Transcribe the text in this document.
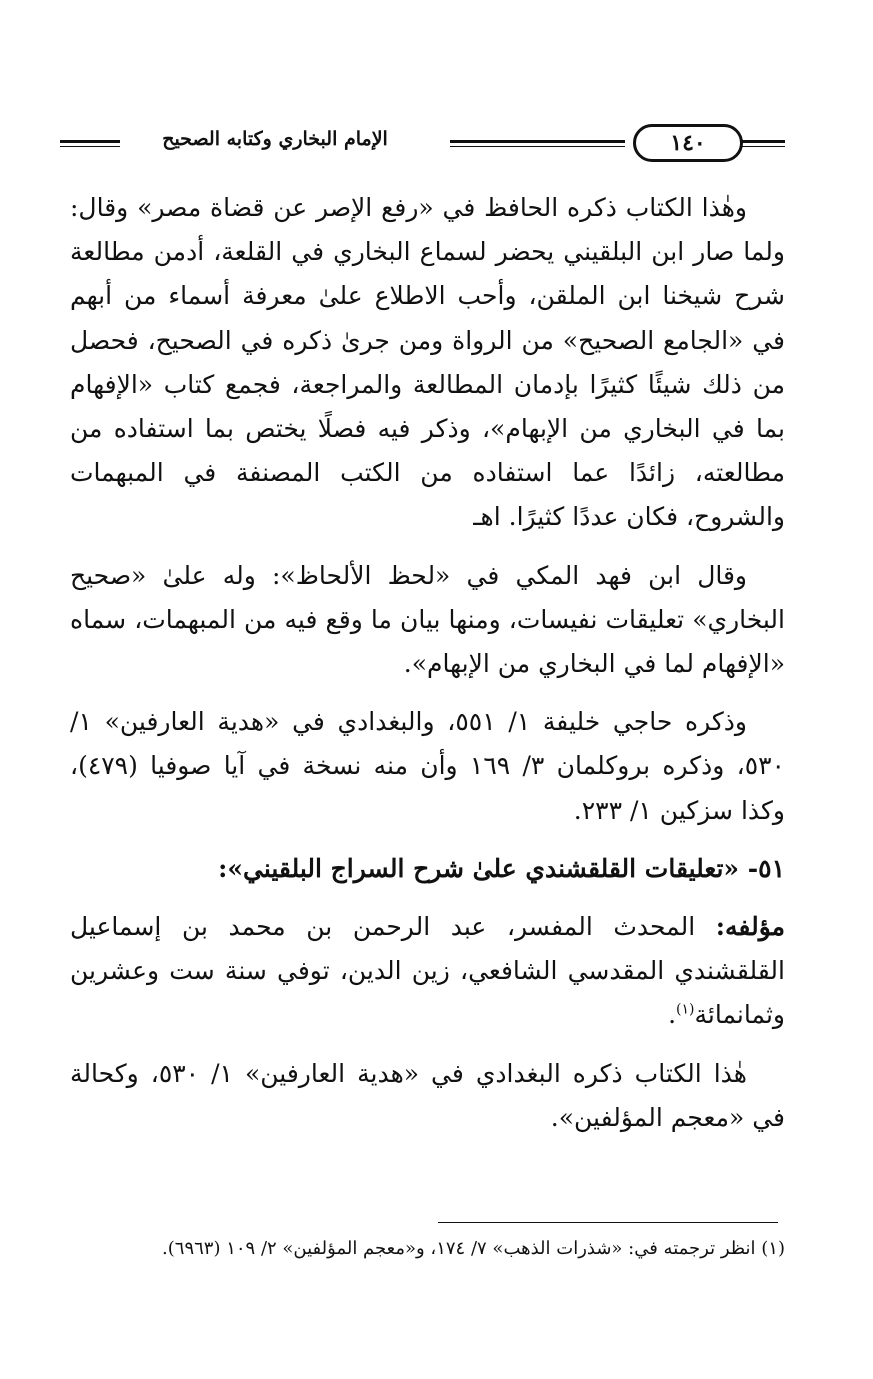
١٤٠
الإمام البخاري وكتابه الصحيح

وهٰذا الكتاب ذكره الحافظ في «رفع الإصر عن قضاة مصر» وقال: ولما صار ابن البلقيني يحضر لسماع البخاري في القلعة، أدمن مطالعة شرح شيخنا ابن الملقن، وأحب الاطلاع علىٰ معرفة أسماء من أبهم في «الجامع الصحيح» من الرواة ومن جرىٰ ذكره في الصحيح، فحصل من ذلك شيئًا كثيرًا بإدمان المطالعة والمراجعة، فجمع كتاب «الإفهام بما في البخاري من الإبهام»، وذكر فيه فصلًا يختص بما استفاده من مطالعته، زائدًا عما استفاده من الكتب المصنفة في المبهمات والشروح، فكان عددًا كثيرًا. اهـ

وقال ابن فهد المكي في «لحظ الألحاظ»: وله علىٰ «صحيح البخاري» تعليقات نفيسات، ومنها بيان ما وقع فيه من المبهمات، سماه «الإفهام لما في البخاري من الإبهام».

وذكره حاجي خليفة ١/ ٥٥١، والبغدادي في «هدية العارفين» ١/ ٥٣٠، وذكره بروكلمان ٣/ ١٦٩ وأن منه نسخة في آيا صوفيا (٤٧٩)، وكذا سزكين ١/ ٢٣٣.

٥١- «تعليقات القلقشندي علىٰ شرح السراج البلقيني»:

مؤلفه: المحدث المفسر، عبد الرحمن بن محمد بن إسماعيل القلقشندي المقدسي الشافعي، زين الدين، توفي سنة ست وعشرين وثمانمائة$^{(١)}$.

هٰذا الكتاب ذكره البغدادي في «هدية العارفين» ١/ ٥٣٠، وكحالة في «معجم المؤلفين».

(١) انظر ترجمته في: «شذرات الذهب» ٧/ ١٧٤، و«معجم المؤلفين» ٢/ ١٠٩ (٦٩٦٣).
